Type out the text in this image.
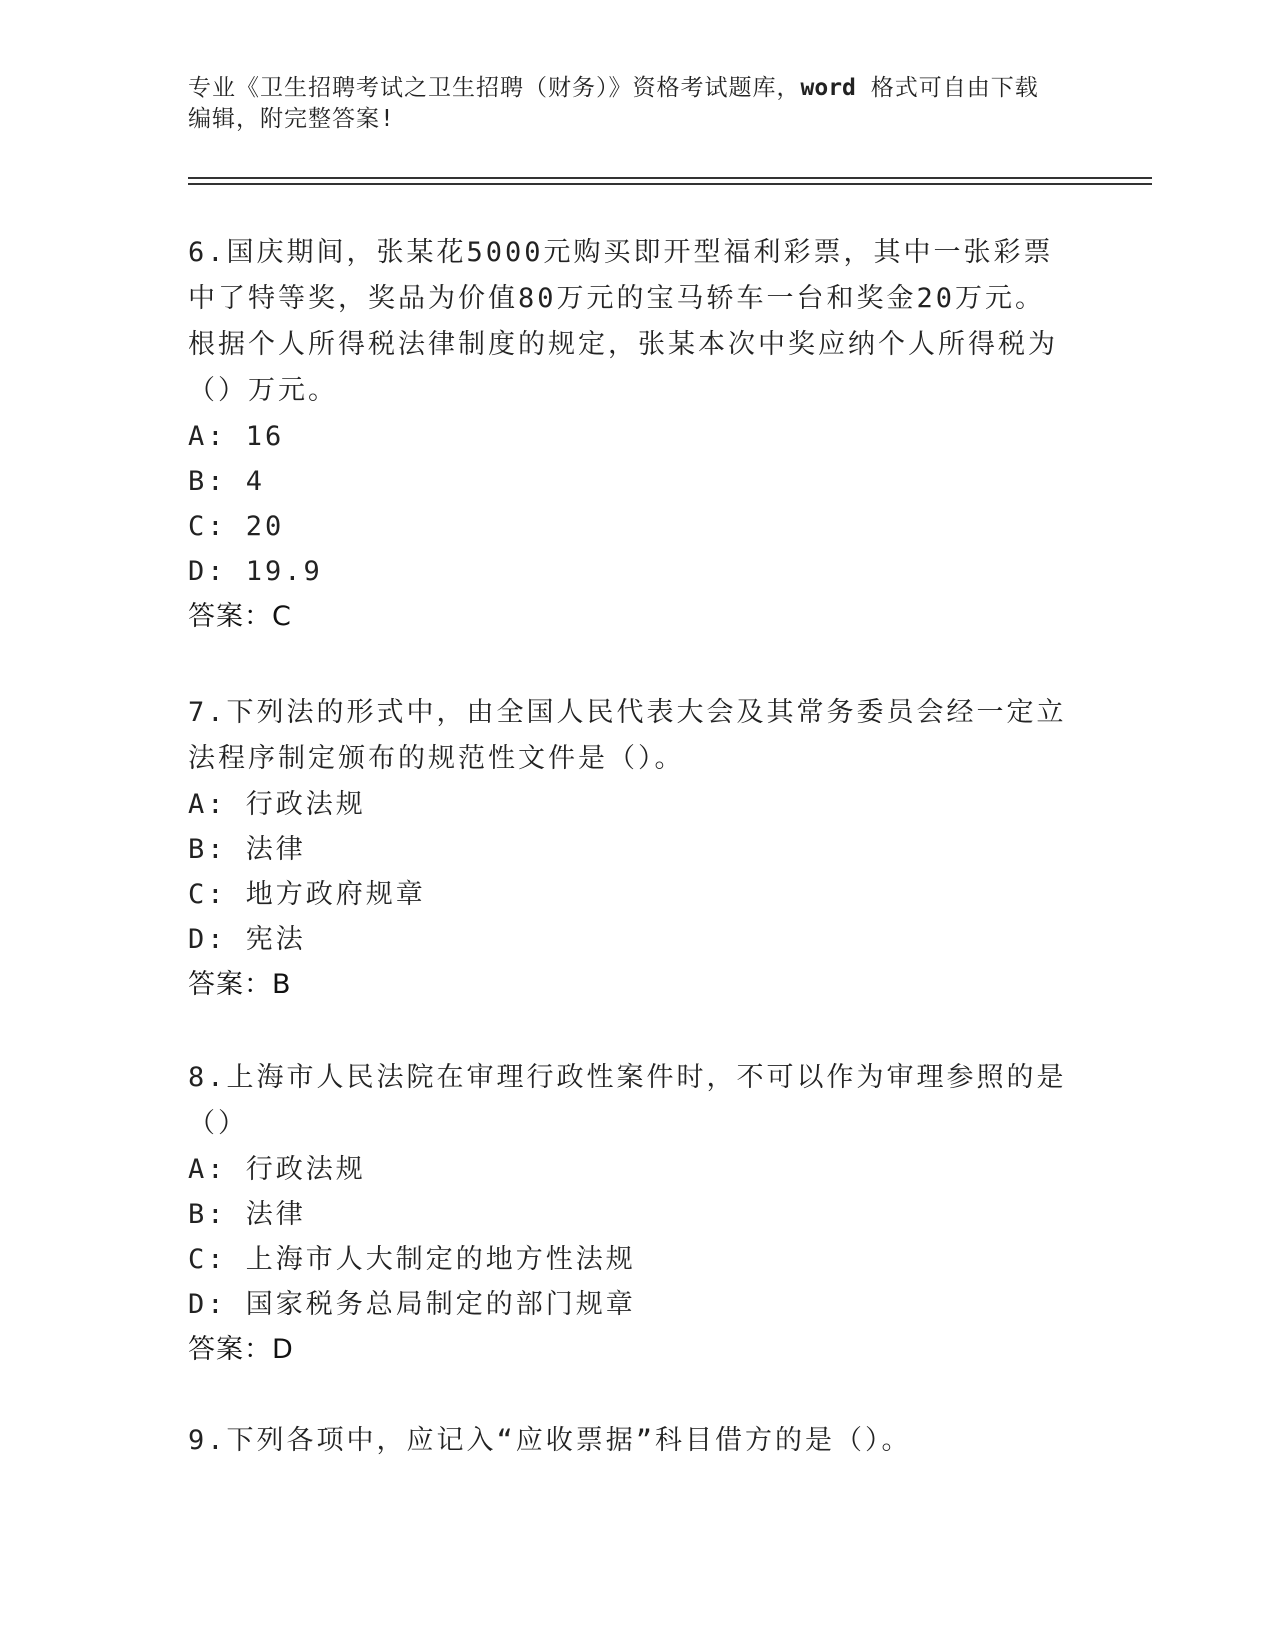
专业《卫生招聘考试之卫生招聘（财务）》资格考试题库，word 格式可自由下载
编辑，附完整答案!
6.国庆期间，张某花5000元购买即开型福利彩票，其中一张彩票中了特等奖，奖品为价值80万元的宝马轿车一台和奖金20万元。根据个人所得税法律制度的规定，张某本次中奖应纳个人所得税为（）万元。
A: 16
B: 4
C: 20
D: 19.9
答案：C
7.下列法的形式中，由全国人民代表大会及其常务委员会经一定立法程序制定颁布的规范性文件是（）。
A: 行政法规
B: 法律
C: 地方政府规章
D: 宪法
答案：B
8.上海市人民法院在审理行政性案件时，不可以作为审理参照的是（）
A: 行政法规
B: 法律
C: 上海市人大制定的地方性法规
D: 国家税务总局制定的部门规章
答案：D
9.下列各项中，应记入“应收票据”科目借方的是（）。
